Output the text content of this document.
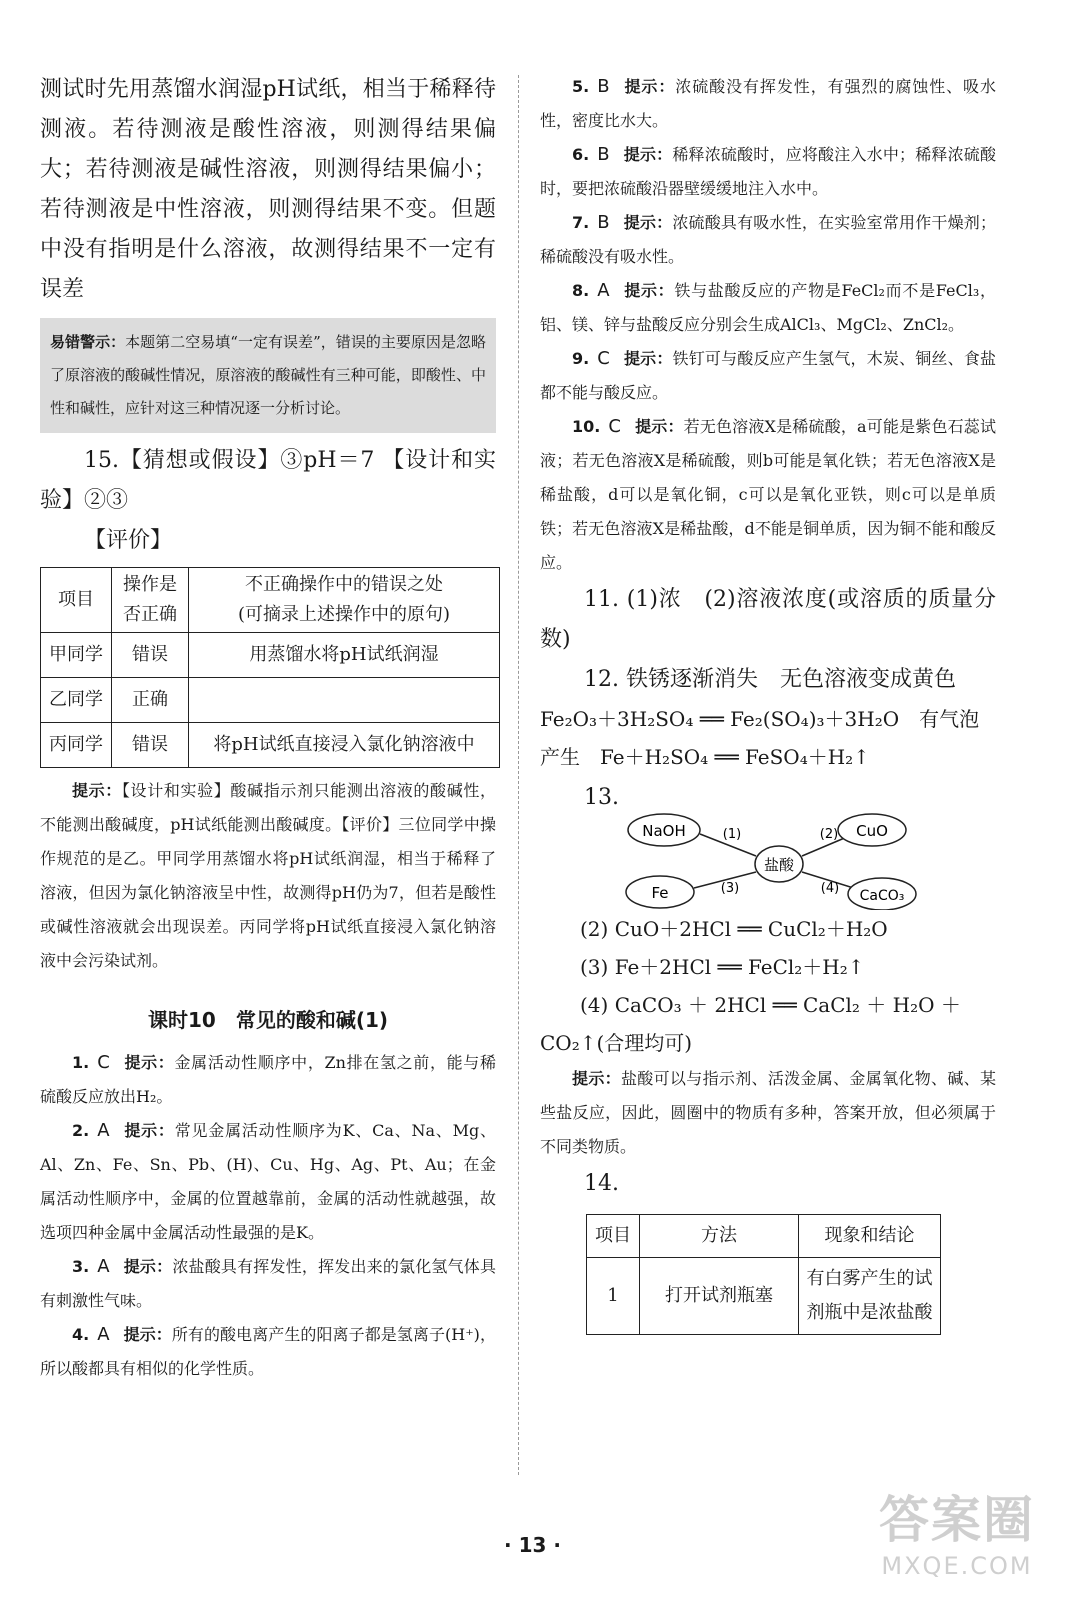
测试时先用蒸馏水润湿pH试纸，相当于稀释待测液。若待测液是酸性溶液，则测得结果偏大；若待测液是碱性溶液，则测得结果偏小；若待测液是中性溶液，则测得结果不变。但题中没有指明是什么溶液，故测得结果不一定有误差

易错警示：本题第二空易填“一定有误差”，错误的主要原因是忽略了原溶液的酸碱性情况，原溶液的酸碱性有三种可能，即酸性、中性和碱性，应针对这三种情况逐一分析讨论。

15.【猜想或假设】③pH＝7 【设计和实验】②③

【评价】

项目	操作是否正确	不正确操作中的错误之处
(可摘录上述操作中的原句)

甲同学	错误	用蒸馏水将pH试纸润湿
乙同学	正确	
丙同学	错误	将pH试纸直接浸入氯化钠溶液中

提示：【设计和实验】酸碱指示剂只能测出溶液的酸碱性，不能测出酸碱度，pH试纸能测出酸碱度。【评价】三位同学中操作规范的是乙。甲同学用蒸馏水将pH试纸润湿，相当于稀释了溶液，但因为氯化钠溶液呈中性，故测得pH仍为7，但若是酸性或碱性溶液就会出现误差。丙同学将pH试纸直接浸入氯化钠溶液中会污染试剂。

课时10　常见的酸和碱(1)

1. C 提示：金属活动性顺序中，Zn排在氢之前，能与稀硫酸反应放出H₂。

2. A 提示：常见金属活动性顺序为K、Ca、Na、Mg、Al、Zn、Fe、Sn、Pb、(H)、Cu、Hg、Ag、Pt、Au；在金属活动性顺序中，金属的位置越靠前，金属的活动性就越强，故选项四种金属中金属活动性最强的是K。

3. A 提示：浓盐酸具有挥发性，挥发出来的氯化氢气体具有刺激性气味。

4. A 提示：所有的酸电离产生的阳离子都是氢离子(H⁺)，所以酸都具有相似的化学性质。

5. B 提示：浓硫酸没有挥发性，有强烈的腐蚀性、吸水性，密度比水大。

6. B 提示：稀释浓硫酸时，应将酸注入水中；稀释浓硫酸时，要把浓硫酸沿器壁缓缓地注入水中。

7. B 提示：浓硫酸具有吸水性，在实验室常用作干燥剂；稀硫酸没有吸水性。

8. A 提示：铁与盐酸反应的产物是FeCl₂而不是FeCl₃，铝、镁、锌与盐酸反应分别会生成AlCl₃、MgCl₂、ZnCl₂。

9. C 提示：铁钉可与酸反应产生氢气，木炭、铜丝、食盐都不能与酸反应。

10. C 提示：若无色溶液X是稀硫酸，a可能是紫色石蕊试液；若无色溶液X是稀硫酸，则b可能是氧化铁；若无色溶液X是稀盐酸，d可以是氧化铜，c可以是氧化亚铁，则c可以是单质铁；若无色溶液X是稀盐酸，d不能是铜单质，因为铜不能和酸反应。

11. (1)浓　(2)溶液浓度(或溶质的质量分数)

12. 铁锈逐渐消失　无色溶液变成黄色

Fe₂O₃＋3H₂SO₄ ══ Fe₂(SO₄)₃＋3H₂O　有气泡产生　Fe＋H₂SO₄ ══ FeSO₄＋H₂↑

13.

NaOH	CuO
盐酸
Fe	CaCO₃
(1)	(2)
(3)	(4)

(2) CuO＋2HCl ══ CuCl₂＋H₂O

(3) Fe＋2HCl ══ FeCl₂＋H₂↑

(4) CaCO₃ ＋ 2HCl ══ CaCl₂ ＋ H₂O ＋ CO₂↑(合理均可)

提示：盐酸可以与指示剂、活泼金属、金属氧化物、碱、某些盐反应，因此，圆圈中的物质有多种，答案开放，但必须属于不同类物质。

14.

项目	方法	现象和结论
1	打开试剂瓶塞	有白雾产生的试剂瓶中是浓盐酸
· 13 ·	答案圈
MXQE.COM
